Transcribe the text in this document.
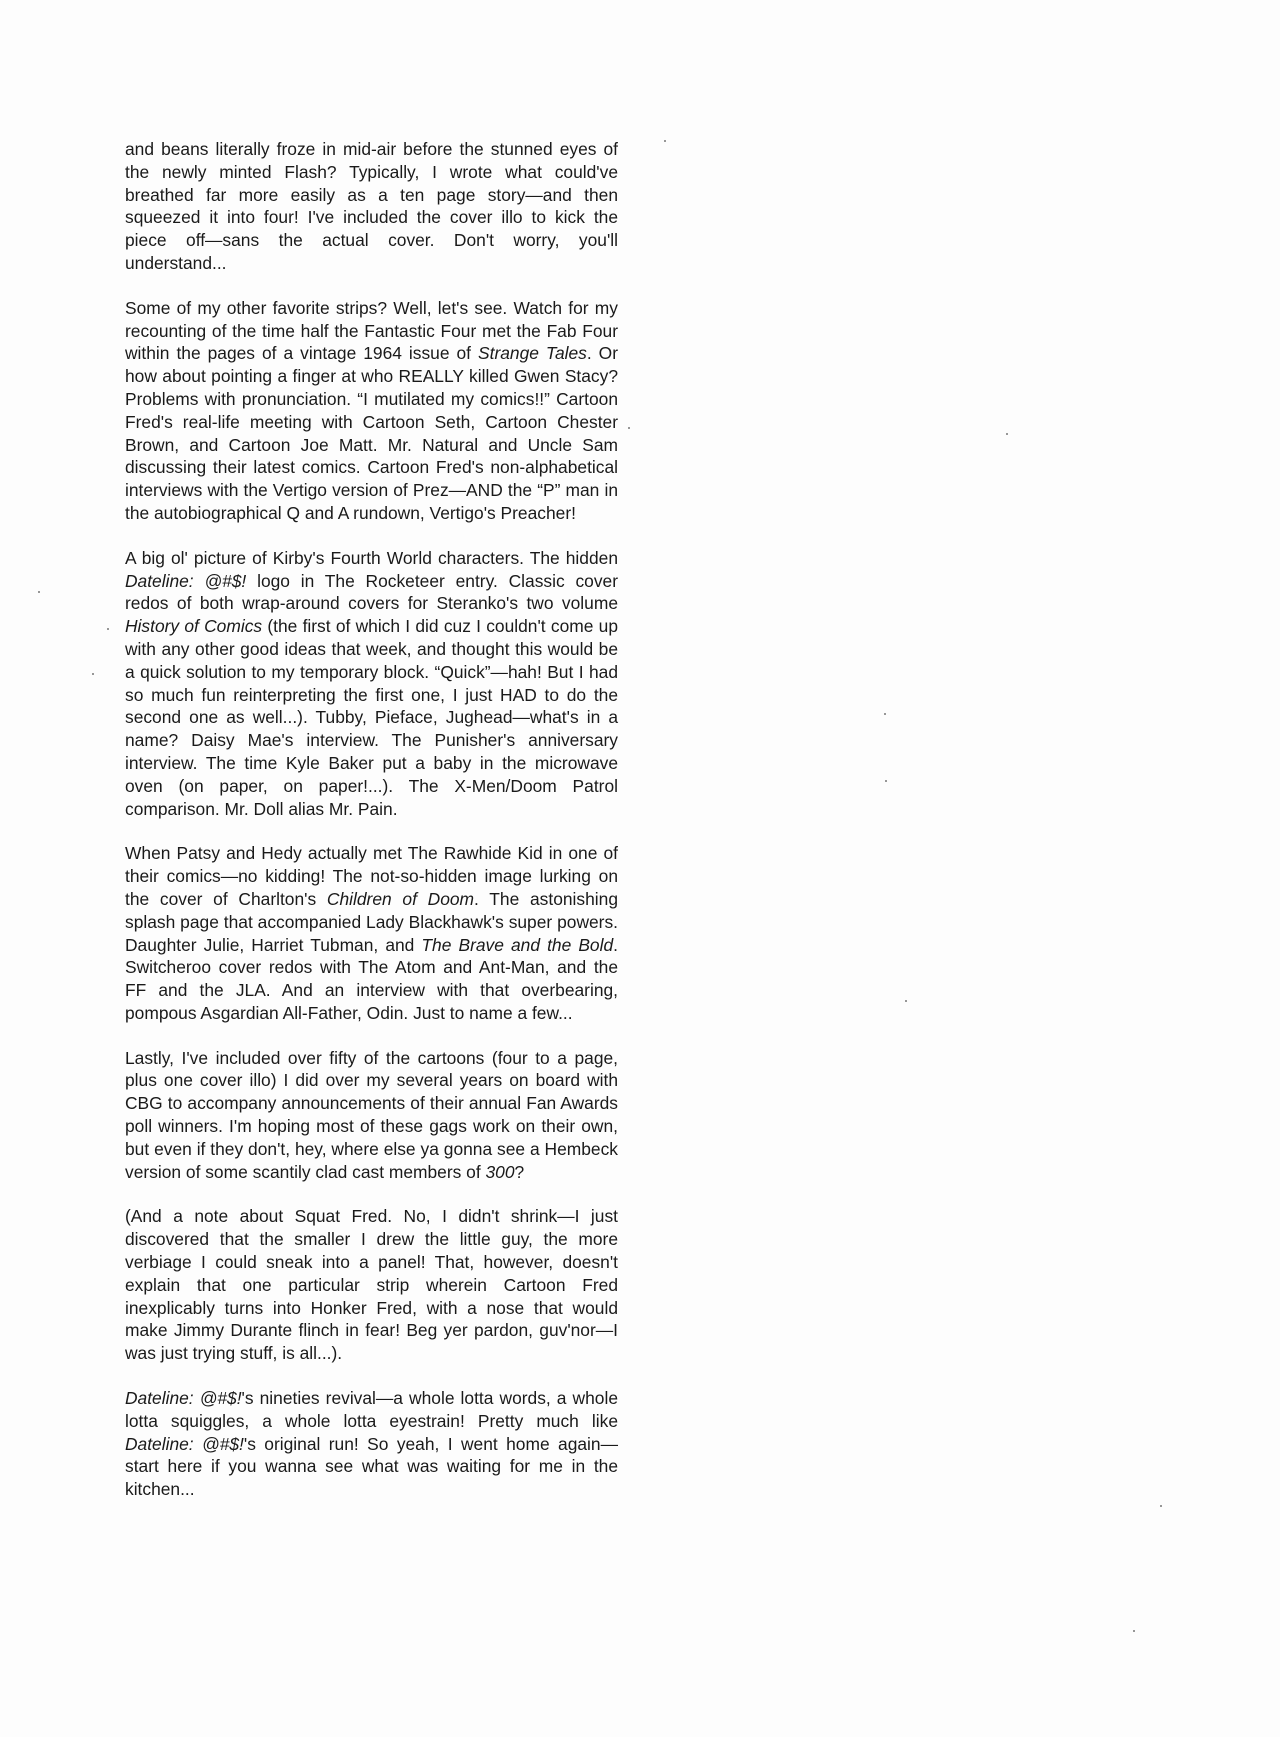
and beans literally froze in mid-air before the stunned eyes of the newly minted Flash? Typically, I wrote what could've breathed far more easily as a ten page story—and then squeezed it into four! I've included the cover illo to kick the piece off—sans the actual cover. Don't worry, you'll understand...

Some of my other favorite strips? Well, let's see. Watch for my recounting of the time half the Fantastic Four met the Fab Four within the pages of a vintage 1964 issue of Strange Tales. Or how about pointing a finger at who REALLY killed Gwen Stacy? Problems with pronunciation. “I mutilated my comics!!” Cartoon Fred's real-life meeting with Cartoon Seth, Cartoon Chester Brown, and Cartoon Joe Matt. Mr. Natural and Uncle Sam discussing their latest comics. Cartoon Fred's non-alphabetical interviews with the Vertigo version of Prez—AND the “P” man in the autobiographical Q and A rundown, Vertigo's Preacher!

A big ol' picture of Kirby's Fourth World characters. The hidden Dateline: @#$! logo in The Rocketeer entry. Classic cover redos of both wrap-around covers for Steranko's two volume History of Comics (the first of which I did cuz I couldn't come up with any other good ideas that week, and thought this would be a quick solution to my temporary block. “Quick”—hah! But I had so much fun reinterpreting the first one, I just HAD to do the second one as well...). Tubby, Pieface, Jughead—what's in a name? Daisy Mae's interview. The Punisher's anniversary interview. The time Kyle Baker put a baby in the microwave oven (on paper, on paper!...). The X-Men/Doom Patrol comparison. Mr. Doll alias Mr. Pain.

When Patsy and Hedy actually met The Rawhide Kid in one of their comics—no kidding! The not-so-hidden image lurking on the cover of Charlton's Children of Doom. The astonishing splash page that accompanied Lady Blackhawk's super powers. Daughter Julie, Harriet Tubman, and The Brave and the Bold. Switcheroo cover redos with The Atom and Ant-Man, and the FF and the JLA. And an interview with that overbearing, pompous Asgardian All-Father, Odin. Just to name a few...

Lastly, I've included over fifty of the cartoons (four to a page, plus one cover illo) I did over my several years on board with CBG to accompany announcements of their annual Fan Awards poll winners. I'm hoping most of these gags work on their own, but even if they don't, hey, where else ya gonna see a Hembeck version of some scantily clad cast members of 300?

(And a note about Squat Fred. No, I didn't shrink—I just discovered that the smaller I drew the little guy, the more verbiage I could sneak into a panel! That, however, doesn't explain that one particular strip wherein Cartoon Fred inexplicably turns into Honker Fred, with a nose that would make Jimmy Durante flinch in fear! Beg yer pardon, guv'nor—I was just trying stuff, is all...).

Dateline: @#$!'s nineties revival—a whole lotta words, a whole lotta squiggles, a whole lotta eyestrain! Pretty much like Dateline: @#$!'s original run! So yeah, I went home again—start here if you wanna see what was waiting for me in the kitchen...
